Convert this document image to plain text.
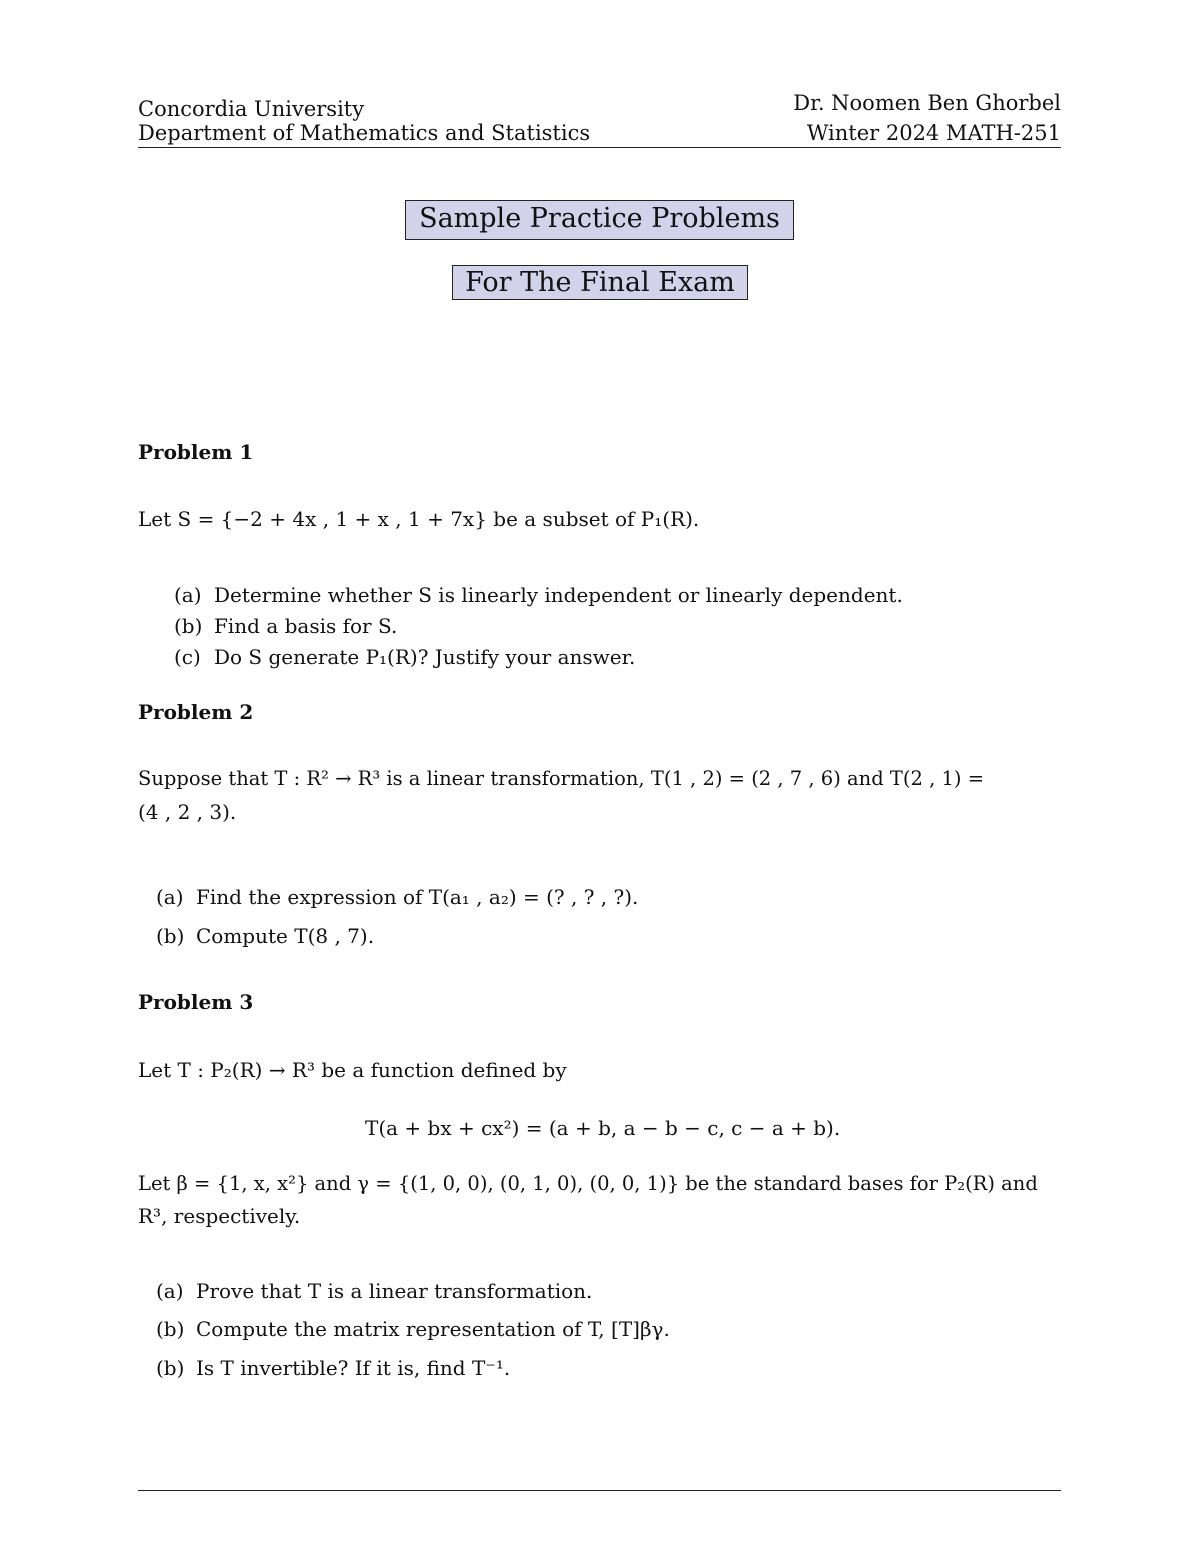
Concordia University
Department of Mathematics and Statistics
Dr. Noomen Ben Ghorbel
Winter 2024 MATH-251
Sample Practice Problems
For The Final Exam
Problem 1
Let S = {−2 + 4x , 1 + x , 1 + 7x} be a subset of P₁(R).
(a) Determine whether S is linearly independent or linearly dependent.
(b) Find a basis for S.
(c) Do S generate P₁(R)? Justify your answer.
Problem 2
Suppose that T : R² → R³ is a linear transformation, T(1 , 2) = (2 , 7 , 6) and T(2 , 1) =
(4 , 2 , 3).
(a) Find the expression of T(a₁ , a₂) = (? , ? , ?).
(b) Compute T(8 , 7).
Problem 3
Let T : P₂(R) → R³ be a function defined by
T(a + bx + cx²) = (a + b, a − b − c, c − a + b).
Let β = {1, x, x²} and γ = {(1, 0, 0), (0, 1, 0), (0, 0, 1)} be the standard bases for P₂(R) and
R³, respectively.
(a) Prove that T is a linear transformation.
(b) Compute the matrix representation of T, [T]βγ.
(b) Is T invertible? If it is, find T⁻¹.
